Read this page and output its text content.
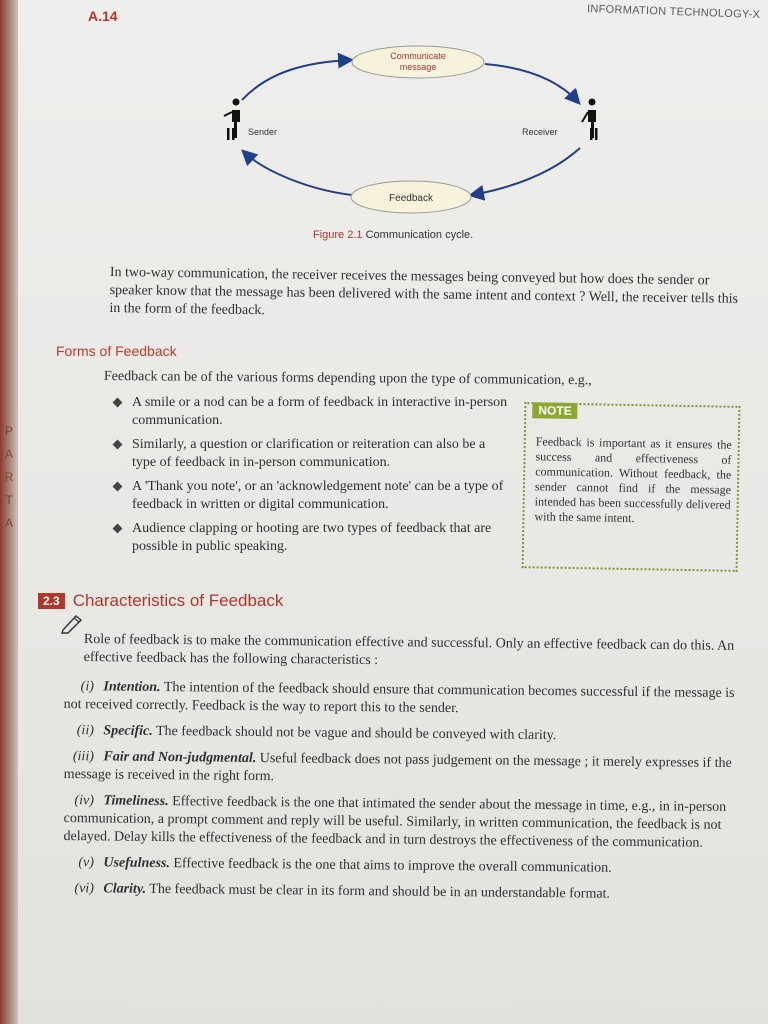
A.14	INFORMATION TECHNOLOGY-X
Communicate
message
Feedback
Sender	Receiver
Figure 2.1 Communication cycle.
In two-way communication, the receiver receives the messages being conveyed but how does the sender or speaker know that the message has been delivered with the same intent and context ? Well, the receiver tells this in the form of the feedback.
Forms of Feedback
Feedback can be of the various forms depending upon the type of communication, e.g.,
A smile or a nod can be a form of feedback in interactive in-person communication.
Similarly, a question or clarification or reiteration can also be a type of feedback in in-person communication.
A 'Thank you note', or an 'acknowledgement note' can be a type of feedback in written or digital communication.
Audience clapping or hooting are two types of feedback that are possible in public speaking.
NOTE
Feedback is important as it ensures the success and effectiveness of communication. Without feedback, the sender cannot find if the message intended has been successfully delivered with the same intent.
P
A
R
T
A
2.3 Characteristics of Feedback
Role of feedback is to make the communication effective and successful. Only an effective feedback can do this. An effective feedback has the following characteristics :
(i) Intention. The intention of the feedback should ensure that communication becomes successful if the message is not received correctly. Feedback is the way to report this to the sender.
(ii) Specific. The feedback should not be vague and should be conveyed with clarity.
(iii) Fair and Non-judgmental. Useful feedback does not pass judgement on the message ; it merely expresses if the message is received in the right form.
(iv) Timeliness. Effective feedback is the one that intimated the sender about the message in time, e.g., in in-person communication, a prompt comment and reply will be useful. Similarly, in written communication, the feedback is not delayed. Delay kills the effectiveness of the feedback and in turn destroys the effectiveness of the communication.
(v) Usefulness. Effective feedback is the one that aims to improve the overall communication.
(vi) Clarity. The feedback must be clear in its form and should be in an understandable format.
